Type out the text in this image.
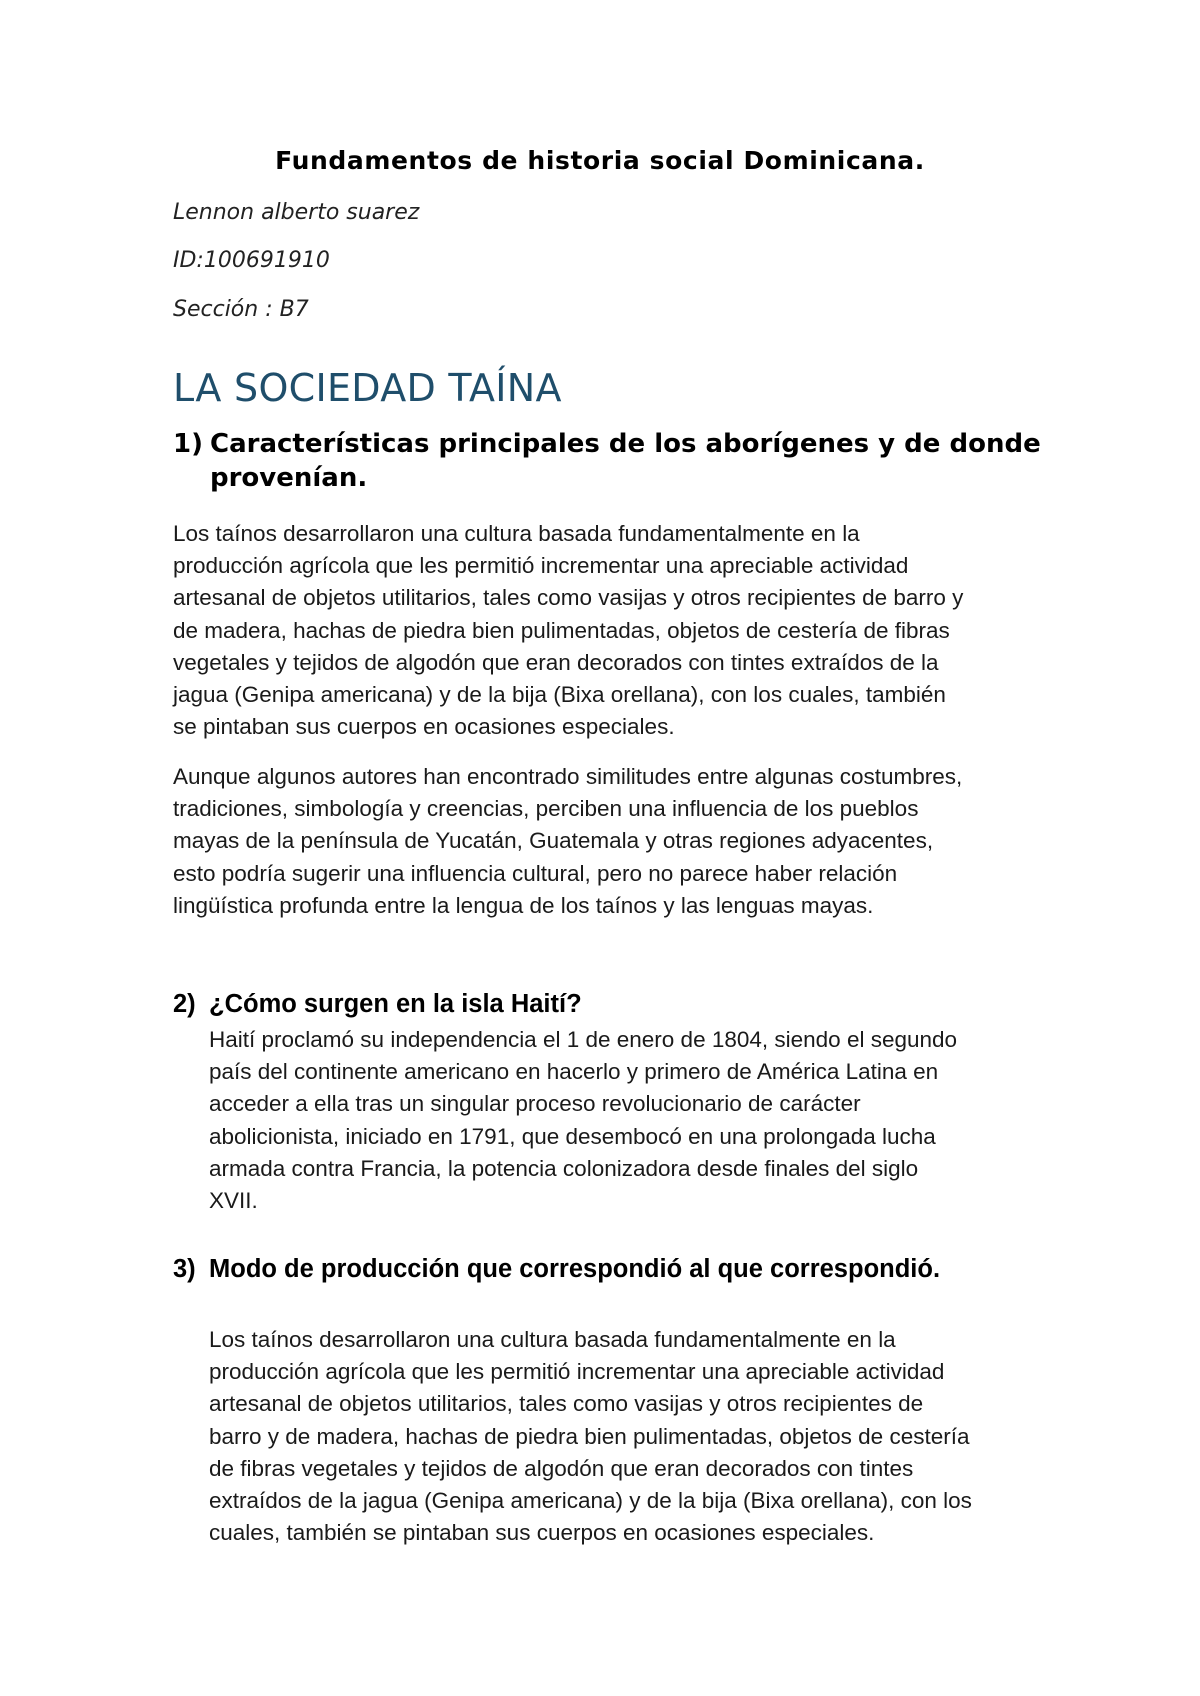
Fundamentos de historia social Dominicana.
Lennon alberto suarez
ID:100691910
Sección : B7
LA SOCIEDAD TAÍNA
1) Características principales de los aborígenes y de donde provenían.
Los taínos desarrollaron una cultura basada fundamentalmente en la
producción agrícola que les permitió incrementar una apreciable actividad
artesanal de objetos utilitarios, tales como vasijas y otros recipientes de barro y
de madera, hachas de piedra bien pulimentadas, objetos de cestería de fibras
vegetales y tejidos de algodón que eran decorados con tintes extraídos de la
jagua (Genipa americana) y de la bija (Bixa orellana), con los cuales, también
se pintaban sus cuerpos en ocasiones especiales.
Aunque algunos autores han encontrado similitudes entre algunas costumbres,
tradiciones, simbología y creencias, perciben una influencia de los pueblos
mayas de la península de Yucatán, Guatemala y otras regiones adyacentes,
esto podría sugerir una influencia cultural, pero no parece haber relación
lingüística profunda entre la lengua de los taínos y las lenguas mayas.
2) ¿Cómo surgen en la isla Haití?
Haití proclamó su independencia el 1 de enero de 1804, siendo el segundo
país del continente americano en hacerlo y primero de América Latina en
acceder a ella tras un singular proceso revolucionario de carácter
abolicionista, iniciado en 1791, que desembocó en una prolongada lucha
armada contra Francia, la potencia colonizadora desde finales del siglo
XVII.
3) Modo de producción que correspondió al que correspondió.
Los taínos desarrollaron una cultura basada fundamentalmente en la
producción agrícola que les permitió incrementar una apreciable actividad
artesanal de objetos utilitarios, tales como vasijas y otros recipientes de
barro y de madera, hachas de piedra bien pulimentadas, objetos de cestería
de fibras vegetales y tejidos de algodón que eran decorados con tintes
extraídos de la jagua (Genipa americana) y de la bija (Bixa orellana), con los
cuales, también se pintaban sus cuerpos en ocasiones especiales.
